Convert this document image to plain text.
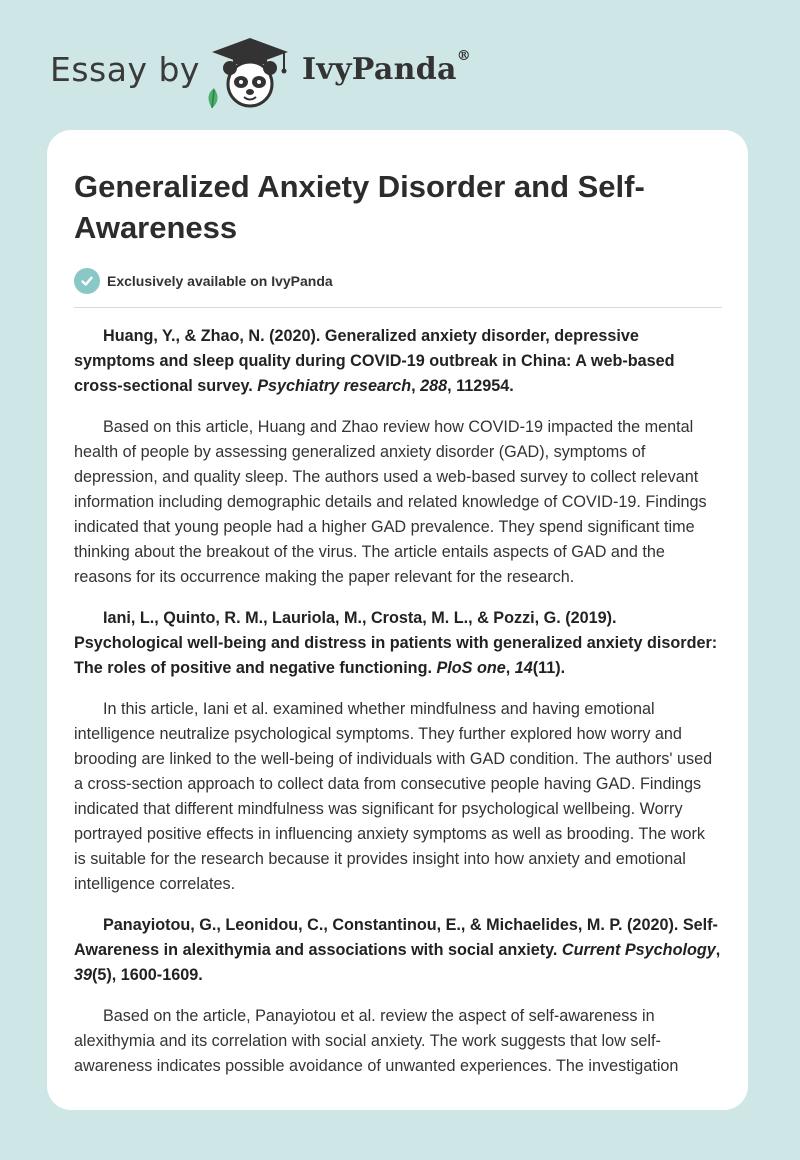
Essay by	IvyPanda®
Generalized Anxiety Disorder and Self-Awareness
Exclusively available on IvyPanda

Huang, Y., & Zhao, N. (2020). Generalized anxiety disorder, depressive symptoms and sleep quality during COVID-19 outbreak in China: A web-based cross-sectional survey. Psychiatry research, 288, 112954.

Based on this article, Huang and Zhao review how COVID-19 impacted the mental health of people by assessing generalized anxiety disorder (GAD), symptoms of depression, and quality sleep. The authors used a web-based survey to collect relevant information including demographic details and related knowledge of COVID-19. Findings indicated that young people had a higher GAD prevalence. They spend significant time thinking about the breakout of the virus. The article entails aspects of GAD and the reasons for its occurrence making the paper relevant for the research.

Iani, L., Quinto, R. M., Lauriola, M., Crosta, M. L., & Pozzi, G. (2019). Psychological well-being and distress in patients with generalized anxiety disorder: The roles of positive and negative functioning. PloS one, 14(11).

In this article, Iani et al. examined whether mindfulness and having emotional intelligence neutralize psychological symptoms. They further explored how worry and brooding are linked to the well-being of individuals with GAD condition. The authors' used a cross-section approach to collect data from consecutive people having GAD. Findings indicated that different mindfulness was significant for psychological wellbeing. Worry portrayed positive effects in influencing anxiety symptoms as well as brooding. The work is suitable for the research because it provides insight into how anxiety and emotional intelligence correlates.

Panayiotou, G., Leonidou, C., Constantinou, E., & Michaelides, M. P. (2020). Self-Awareness in alexithymia and associations with social anxiety. Current Psychology, 39(5), 1600-1609.

Based on the article, Panayiotou et al. review the aspect of self-awareness in alexithymia and its correlation with social anxiety. The work suggests that low self-awareness indicates possible avoidance of unwanted experiences. The investigation
